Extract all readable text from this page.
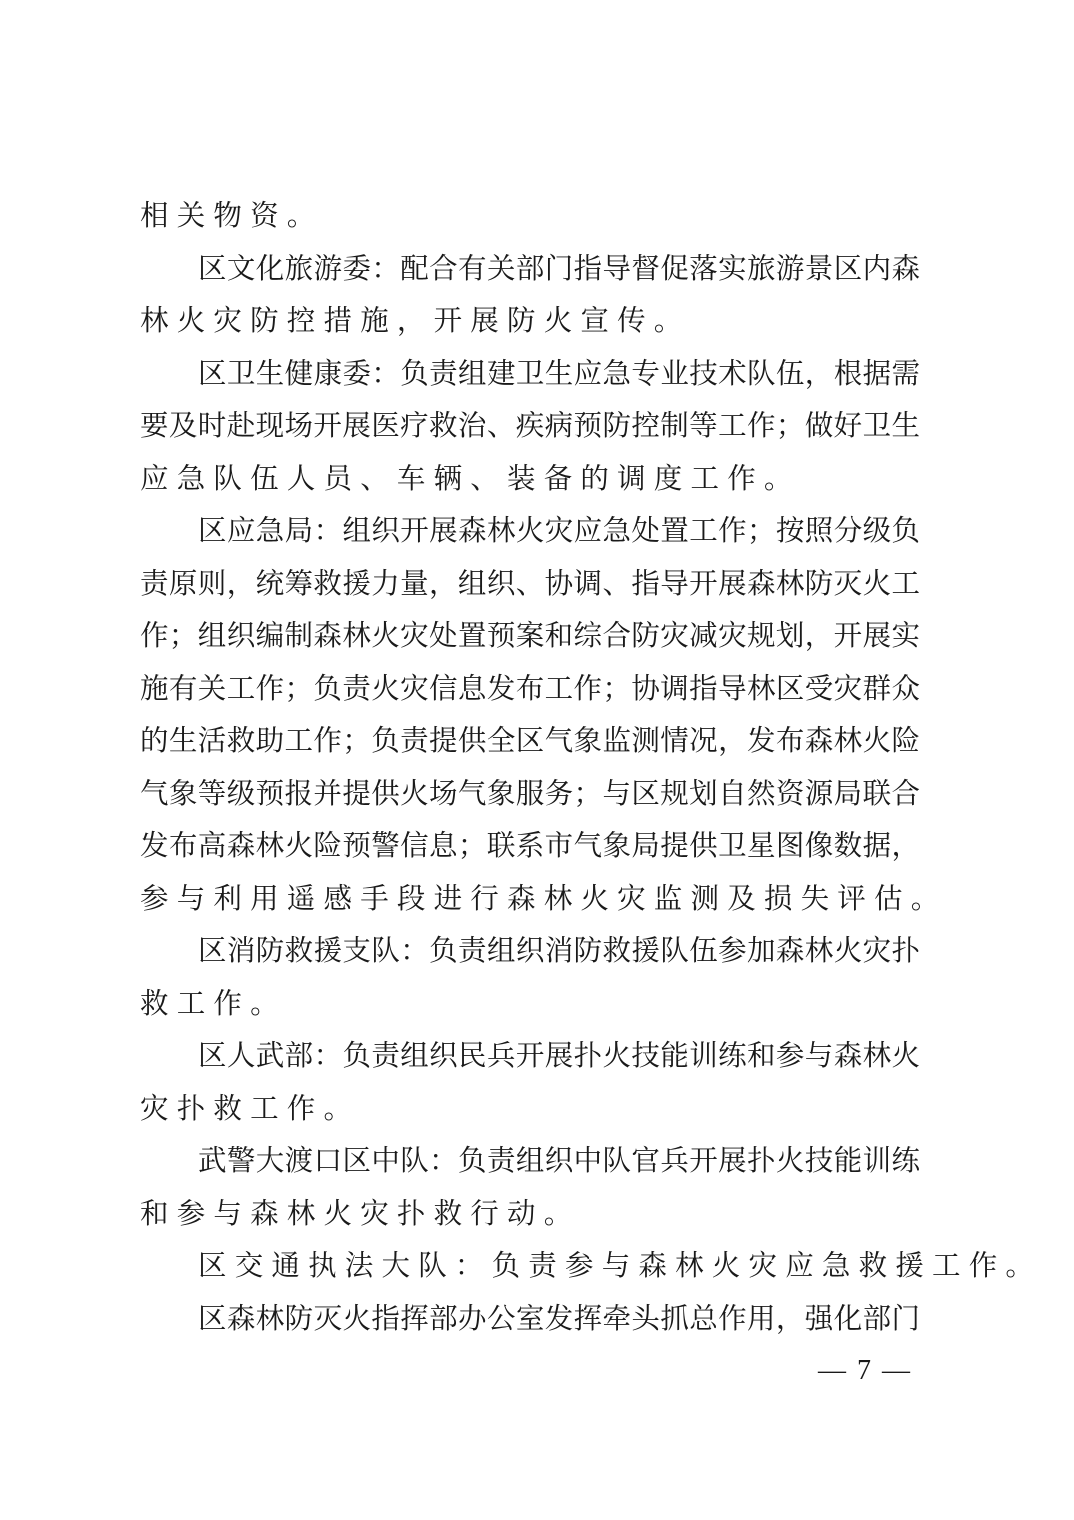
相关物资。
区文化旅游委：配合有关部门指导督促落实旅游景区内森
林火灾防控措施，开展防火宣传。
区卫生健康委：负责组建卫生应急专业技术队伍，根据需
要及时赴现场开展医疗救治、疾病预防控制等工作；做好卫生
应急队伍人员、车辆、装备的调度工作。
区应急局：组织开展森林火灾应急处置工作；按照分级负
责原则，统筹救援力量，组织、协调、指导开展森林防灭火工
作；组织编制森林火灾处置预案和综合防灾减灾规划，开展实
施有关工作；负责火灾信息发布工作；协调指导林区受灾群众
的生活救助工作；负责提供全区气象监测情况，发布森林火险
气象等级预报并提供火场气象服务；与区规划自然资源局联合
发布高森林火险预警信息；联系市气象局提供卫星图像数据，
参与利用遥感手段进行森林火灾监测及损失评估。
区消防救援支队：负责组织消防救援队伍参加森林火灾扑
救工作。
区人武部：负责组织民兵开展扑火技能训练和参与森林火
灾扑救工作。
武警大渡口区中队：负责组织中队官兵开展扑火技能训练
和参与森林火灾扑救行动。
区交通执法大队：负责参与森林火灾应急救援工作。
区森林防灭火指挥部办公室发挥牵头抓总作用，强化部门
— 7 —
